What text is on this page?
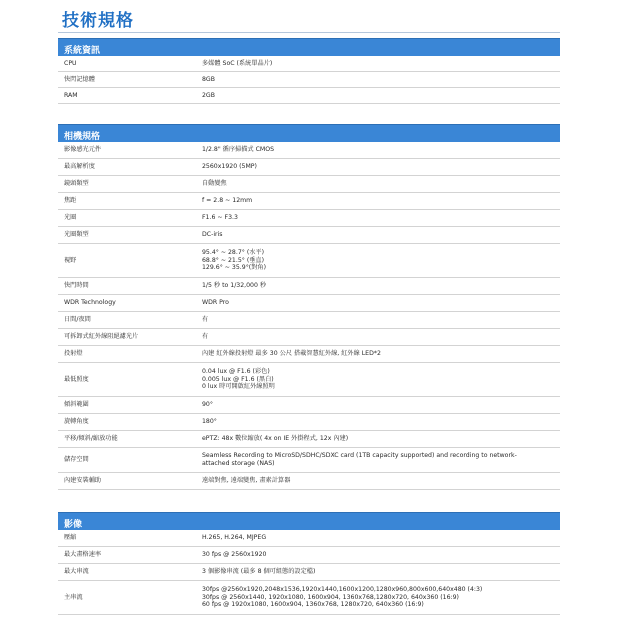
技術規格
系統資訊
CPU	多媒體 SoC (系統單晶片)
快閃記憶體	8GB
RAM	2GB
相機規格
影像感光元件	1/2.8" 循序掃描式 CMOS
最高解析度	2560x1920 (5MP)
鏡頭類型	自動變焦
焦距	f = 2.8 ~ 12mm
光圈	F1.6 ~ F3.3
光圈類型	DC-iris
視野
95.4° ~ 28.7° (水平)
68.8° ~ 21.5° (垂直)
129.6° ~ 35.9°(對角)
快門時間	1/5 秒 to 1/32,000 秒
WDR Technology	WDR Pro
日間/夜間	有
可拆卸式紅外線阻絕濾光片	有
投射燈	內建 紅外線投射燈 最多 30 公尺 搭載智慧紅外線, 紅外線 LED*2
最低照度
0.04 lux @ F1.6 (彩色)
0.005 lux @ F1.6 (黑白)
0 lux 時可開啟紅外線照明
傾斜範圍	90°
旋轉角度	180°
平移/傾斜/縮放功能	ePTZ: 48x 數位縮放( 4x on IE 外掛程式, 12x 內建)
儲存空間
Seamless Recording to MicroSD/SDHC/SDXC card (1TB capacity supported) and recording to network-
attached storage (NAS)
內建安裝輔助	遠端對焦, 遠端變焦, 畫素計算器
影像
壓縮	H.265, H.264, MJPEG
最大畫格速率	30 fps @ 2560x1920
最大串流	3 個影像串流 (最多 8 個可組態的設定檔)
主串流
30fps @2560x1920,2048x1536,1920x1440,1600x1200,1280x960,800x600,640x480 (4:3)
30fps @ 2560x1440, 1920x1080, 1600x904, 1360x768,1280x720, 640x360 (16:9)
60 fps @ 1920x1080, 1600x904, 1360x768, 1280x720, 640x360 (16:9)
